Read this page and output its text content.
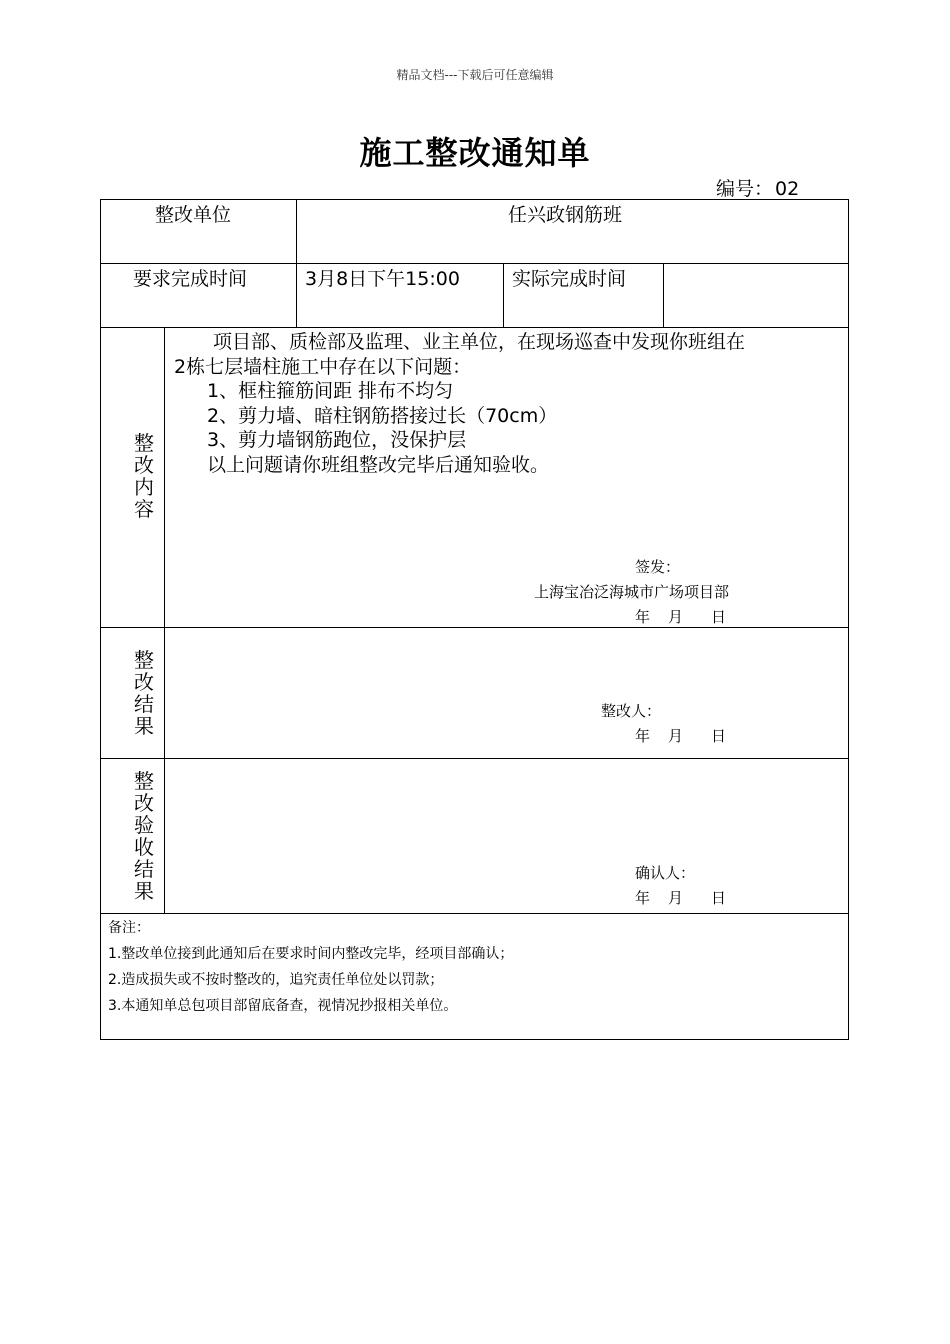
精品文档---下载后可任意编辑
施工整改通知单
编号： 02
整改单位	任兴政钢筋班
要求完成时间	3月8日下午15:00	实际完成时间
整改内容
项目部、质检部及监理、业主单位，在现场巡查中发现你班组在
2栋七层墙柱施工中存在以下问题：
1、框柱箍筋间距 排布不均匀
2、剪力墙、暗柱钢筋搭接过长（70cm）
3、剪力墙钢筋跑位，没保护层
以上问题请你班组整改完毕后通知验收。
签发：
上海宝冶泛海城市广场项目部
年 月 日
整改结果
整改人：
年 月 日
整改验收结果
确认人：
年 月 日
备注：
1.整改单位接到此通知后在要求时间内整改完毕，经项目部确认；
2.造成损失或不按时整改的，追究责任单位处以罚款；
3.本通知单总包项目部留底备查，视情况抄报相关单位。
